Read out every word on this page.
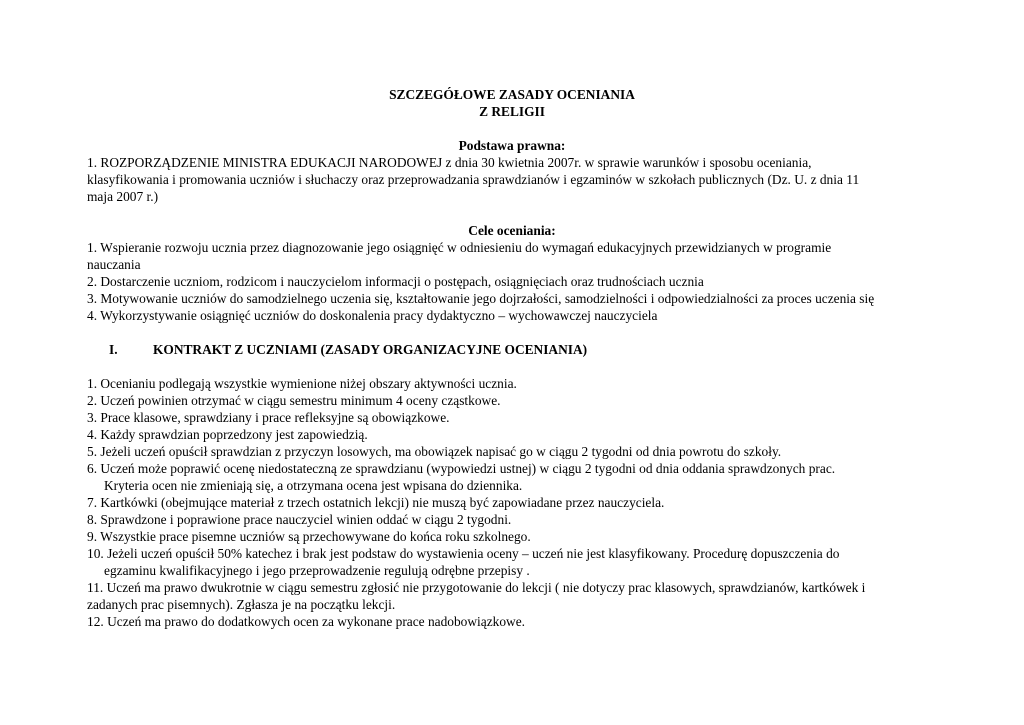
SZCZEGÓŁOWE ZASADY OCENIANIA

Z RELIGII

Podstawa prawna:

1. ROZPORZĄDZENIE MINISTRA EDUKACJI NARODOWEJ z dnia 30 kwietnia 2007r. w sprawie warunków i sposobu oceniania,

klasyfikowania i promowania uczniów i słuchaczy oraz przeprowadzania sprawdzianów i egzaminów w szkołach publicznych (Dz. U. z dnia 11

maja 2007 r.)

Cele oceniania:

1. Wspieranie rozwoju ucznia przez diagnozowanie jego osiągnięć w odniesieniu do wymagań edukacyjnych przewidzianych w programie

nauczania

2. Dostarczenie uczniom, rodzicom i nauczycielom informacji o postępach, osiągnięciach oraz trudnościach ucznia

3. Motywowanie uczniów do samodzielnego uczenia się, kształtowanie jego dojrzałości, samodzielności i odpowiedzialności za proces uczenia się

4. Wykorzystywanie osiągnięć uczniów do doskonalenia pracy dydaktyczno – wychowawczej nauczyciela

I.	KONTRAKT Z UCZNIAMI (ZASADY ORGANIZACYJNE OCENIANIA)

1. Ocenianiu podlegają wszystkie wymienione niżej obszary aktywności ucznia.

2. Uczeń powinien otrzymać w ciągu semestru minimum 4 oceny cząstkowe.

3. Prace klasowe, sprawdziany i prace refleksyjne są obowiązkowe.

4. Każdy sprawdzian poprzedzony jest zapowiedzią.

5. Jeżeli uczeń opuścił sprawdzian z przyczyn losowych, ma obowiązek napisać go w ciągu 2 tygodni od dnia powrotu do szkoły.

6. Uczeń może poprawić ocenę niedostateczną ze sprawdzianu (wypowiedzi ustnej) w ciągu 2 tygodni od dnia oddania sprawdzonych prac.

Kryteria ocen nie zmieniają się, a otrzymana ocena jest wpisana do dziennika.

7. Kartkówki (obejmujące materiał z trzech ostatnich lekcji) nie muszą być zapowiadane przez nauczyciela.

8. Sprawdzone i poprawione prace nauczyciel winien oddać w ciągu 2 tygodni.

9. Wszystkie prace pisemne uczniów są przechowywane do końca roku szkolnego.

10. Jeżeli uczeń opuścił 50% katechez i brak jest podstaw do wystawienia oceny – uczeń nie jest klasyfikowany. Procedurę dopuszczenia do

egzaminu kwalifikacyjnego i jego przeprowadzenie regulują odrębne przepisy .

11. Uczeń ma prawo dwukrotnie w ciągu semestru zgłosić nie przygotowanie do lekcji ( nie dotyczy prac klasowych, sprawdzianów, kartkówek i

zadanych prac pisemnych). Zgłasza je na początku lekcji.

12. Uczeń ma prawo do dodatkowych ocen za wykonane prace nadobowiązkowe.
